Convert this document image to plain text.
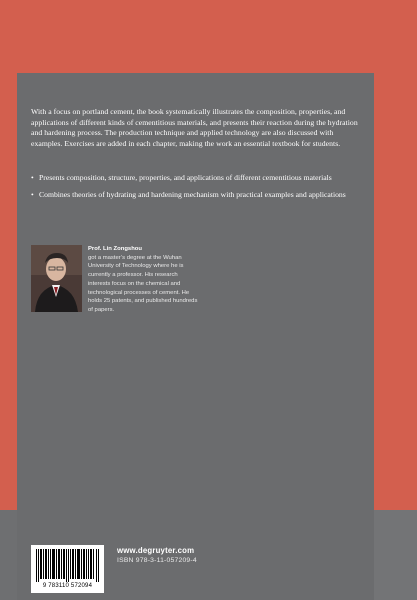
With a focus on portland cement, the book systematically illustrates the composition, properties, and applications of different kinds of cementitious materials, and presents their reaction during the hydration and hardening process. The production technique and applied technology are also discussed with examples. Exercises are added in each chapter, making the work an essential textbook for students.

• Presents composition, structure, properties, and applications of different cementitious materials
• Combines theories of hydrating and hardening mechanism with practical examples and applications
Prof. Lin Zongshou
got a master’s degree at the Wuhan University of Technology where he is currently a professor. His research interests focus on the chemical and technological processes of cement. He holds 25 patents, and published hundreds of papers.
9 783110 572094
www.degruyter.com
ISBN 978-3-11-057209-4
